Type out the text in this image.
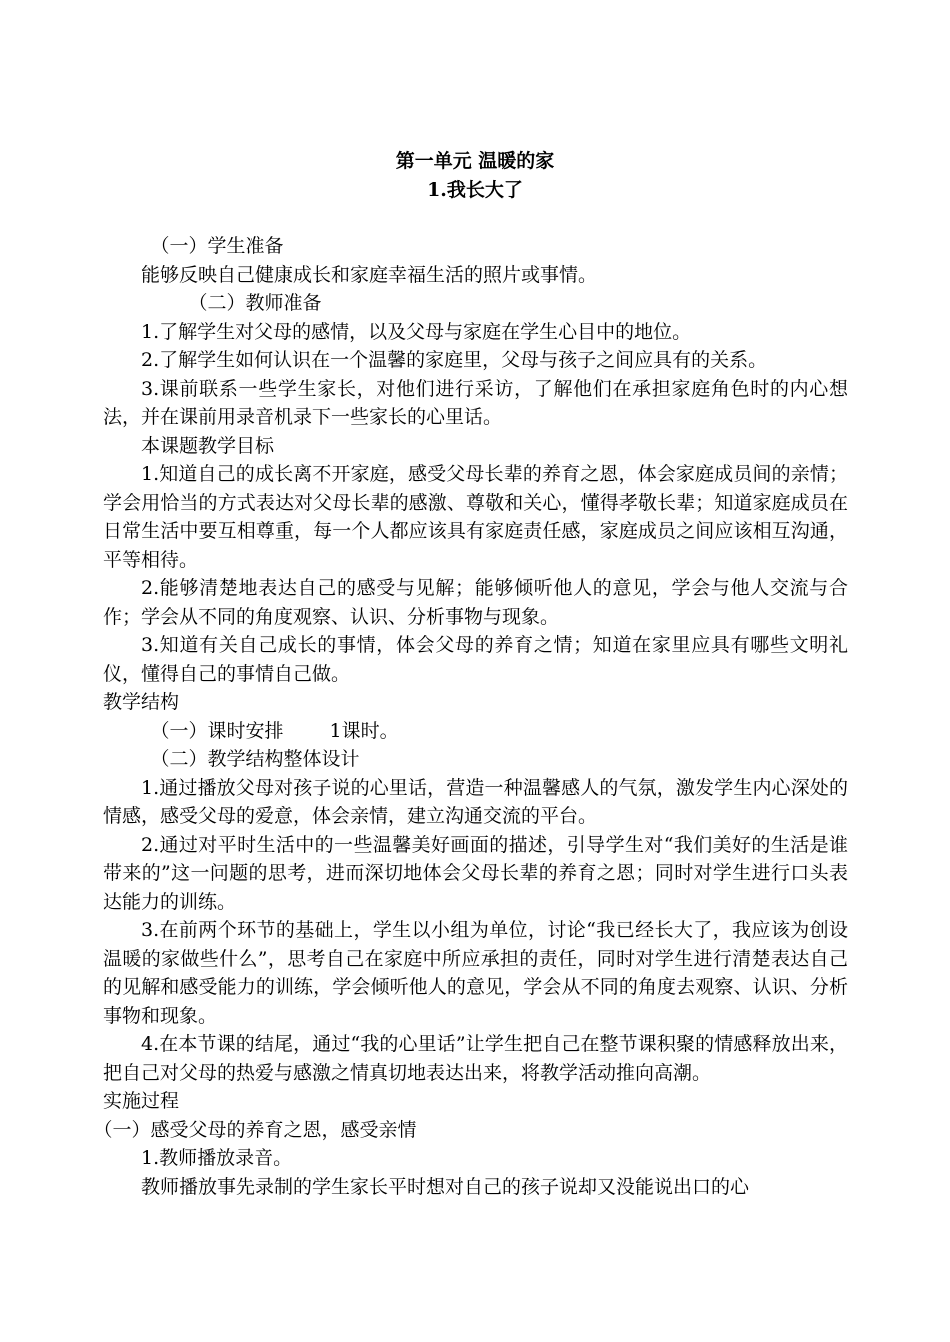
第一单元 温暖的家
1.我长大了

（一）学生准备

能够反映自己健康成长和家庭幸福生活的照片或事情。

（二）教师准备

1.了解学生对父母的感情，以及父母与家庭在学生心目中的地位。

2.了解学生如何认识在一个温馨的家庭里，父母与孩子之间应具有的关系。

3.课前联系一些学生家长，对他们进行采访，了解他们在承担家庭角色时的内心想法，并在课前用录音机录下一些家长的心里话。

本课题教学目标

1.知道自己的成长离不开家庭，感受父母长辈的养育之恩，体会家庭成员间的亲情；学会用恰当的方式表达对父母长辈的感激、尊敬和关心，懂得孝敬长辈；知道家庭成员在日常生活中要互相尊重，每一个人都应该具有家庭责任感，家庭成员之间应该相互沟通，平等相待。

2.能够清楚地表达自己的感受与见解；能够倾听他人的意见，学会与他人交流与合作；学会从不同的角度观察、认识、分析事物与现象。

3.知道有关自己成长的事情，体会父母的养育之情；知道在家里应具有哪些文明礼仪，懂得自己的事情自己做。

教学结构

（一）课时安排 1课时。

（二）教学结构整体设计

1.通过播放父母对孩子说的心里话，营造一种温馨感人的气氛，激发学生内心深处的情感，感受父母的爱意，体会亲情，建立沟通交流的平台。

2.通过对平时生活中的一些温馨美好画面的描述，引导学生对“我们美好的生活是谁带来的”这一问题的思考，进而深切地体会父母长辈的养育之恩；同时对学生进行口头表达能力的训练。

3.在前两个环节的基础上，学生以小组为单位，讨论“我已经长大了，我应该为创设温暖的家做些什么”，思考自己在家庭中所应承担的责任，同时对学生进行清楚表达自己的见解和感受能力的训练，学会倾听他人的意见，学会从不同的角度去观察、认识、分析事物和现象。

4.在本节课的结尾，通过“我的心里话”让学生把自己在整节课积聚的情感释放出来，把自己对父母的热爱与感激之情真切地表达出来，将教学活动推向高潮。

实施过程

（一）感受父母的养育之恩，感受亲情

1.教师播放录音。

教师播放事先录制的学生家长平时想对自己的孩子说却又没能说出口的心
